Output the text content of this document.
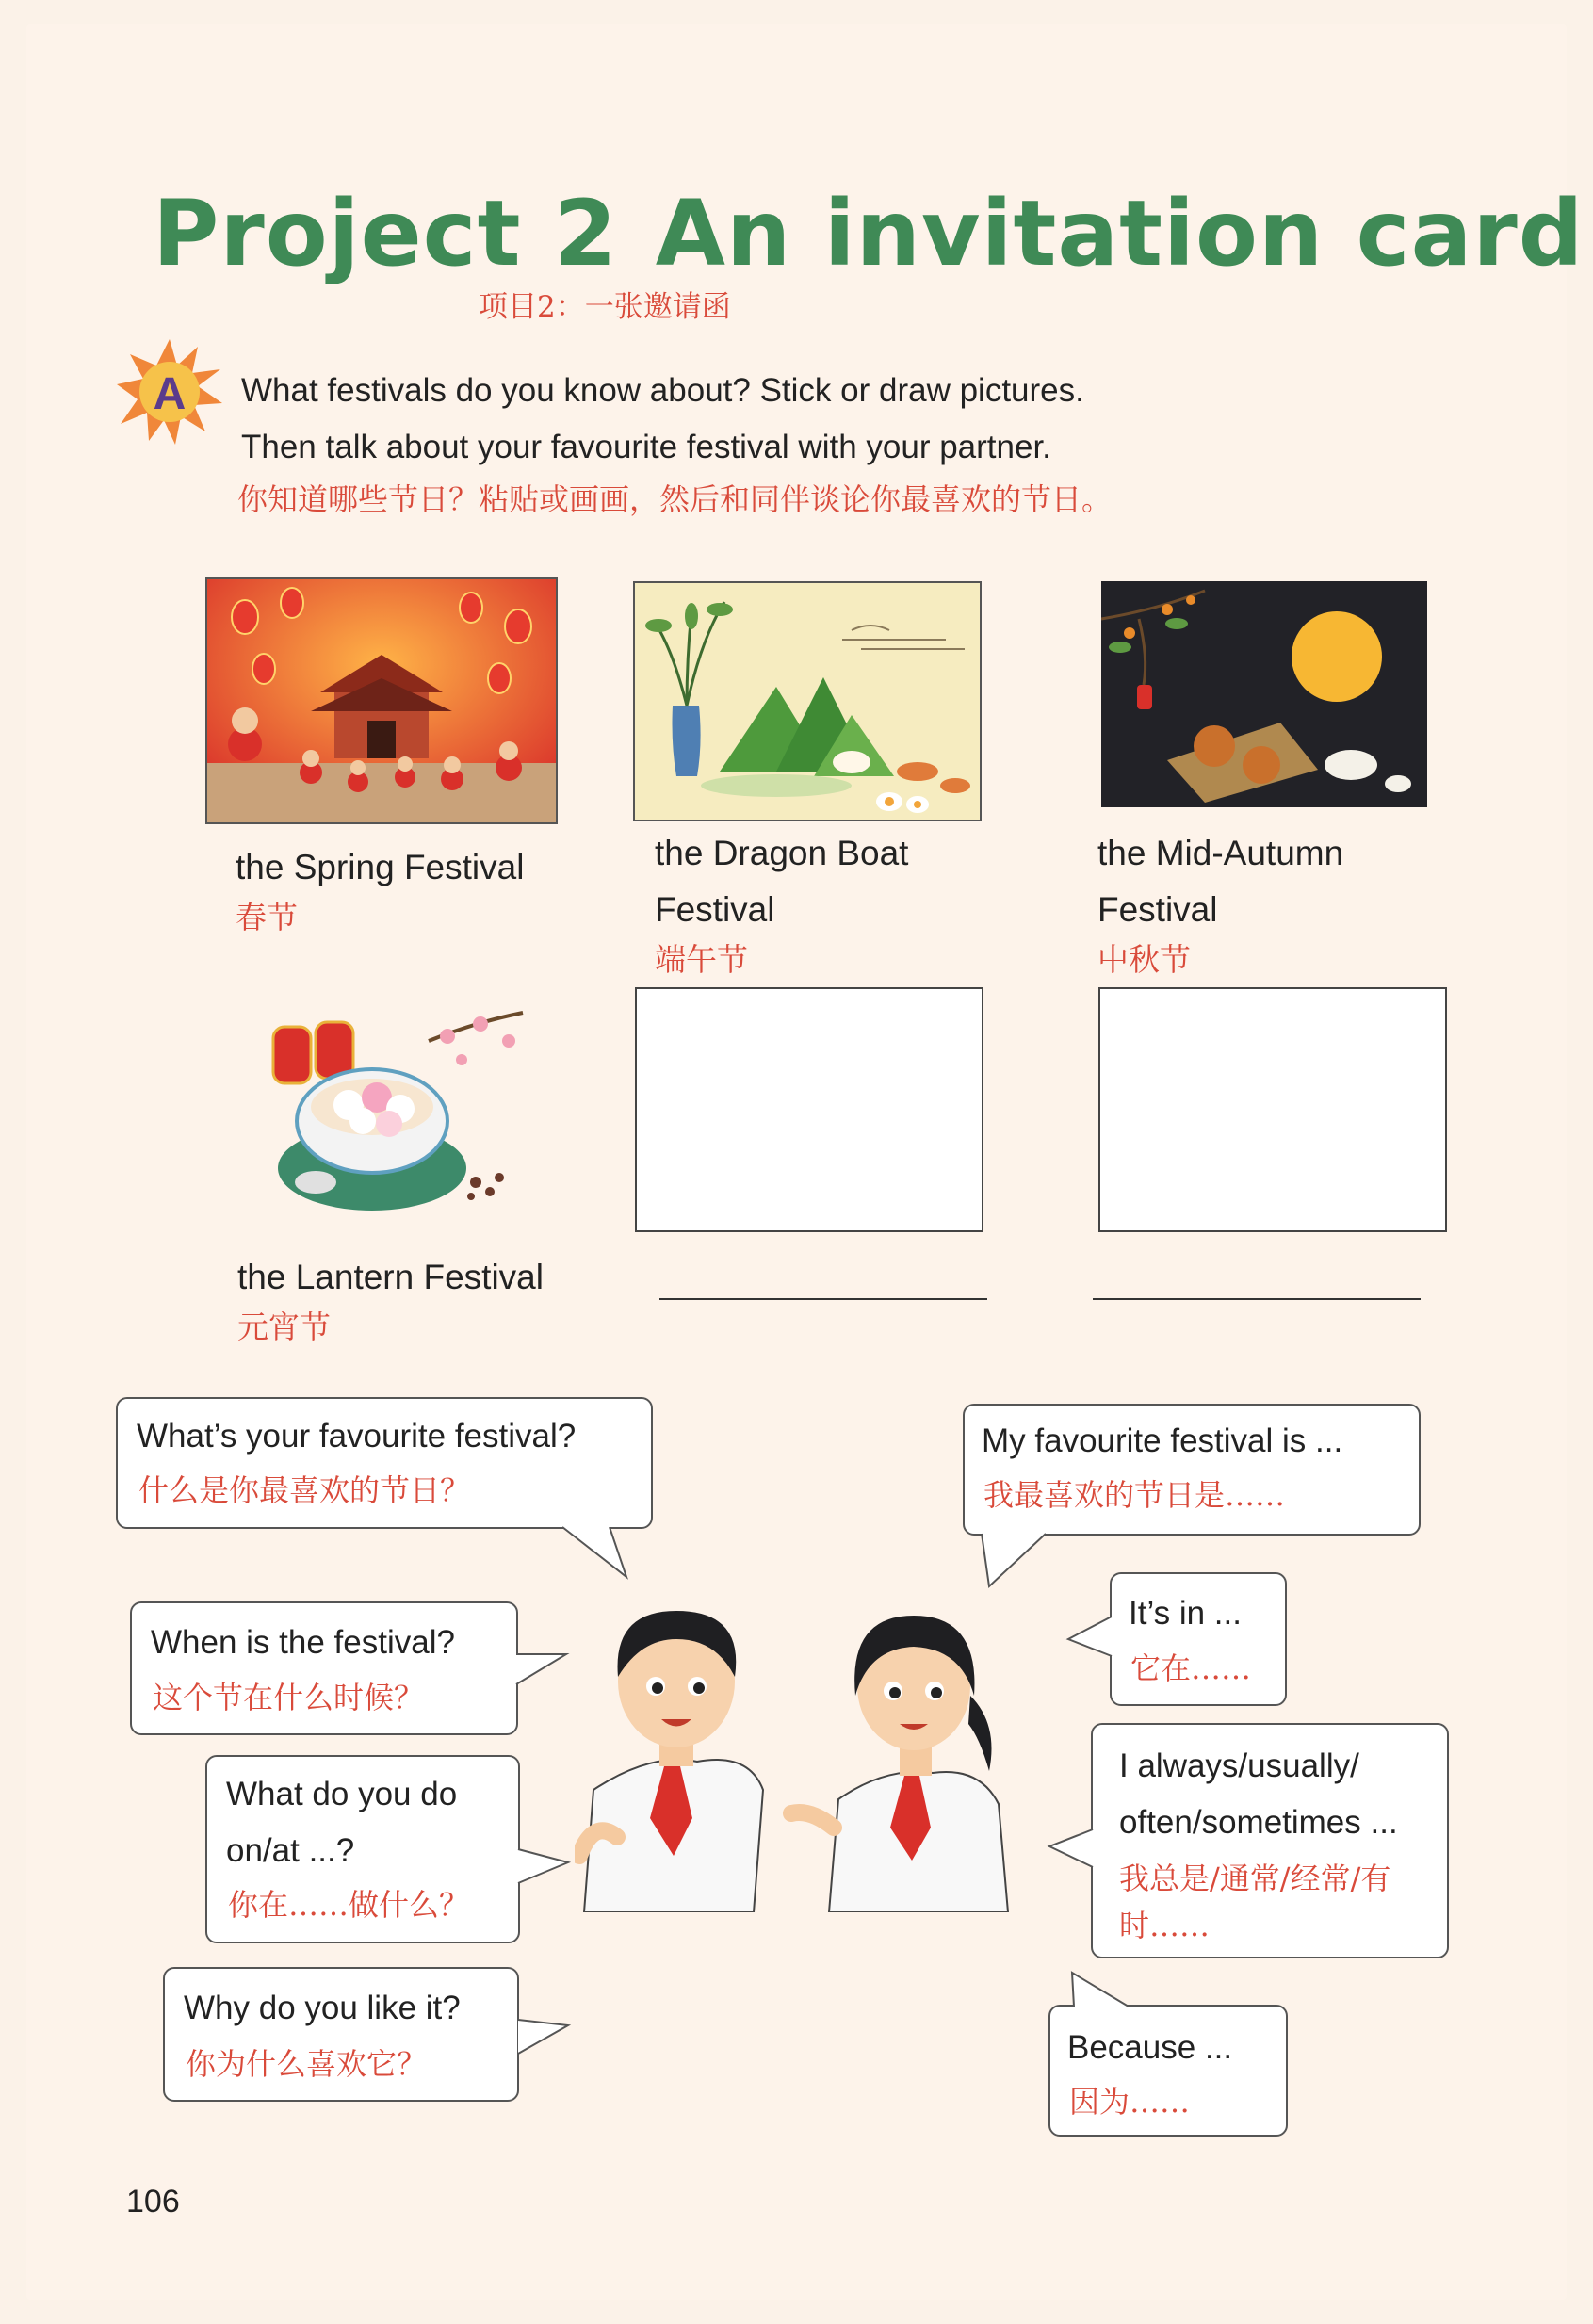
Project 2 An invitation card
项目2：一张邀请函
A What festivals do you know about? Stick or draw pictures.
Then talk about your favourite festival with your partner.
你知道哪些节日？粘贴或画画，然后和同伴谈论你最喜欢的节日。
the Spring Festival
春节
the Dragon Boat
Festival
端午节
the Mid-Autumn
Festival
中秋节
the Lantern Festival
元宵节
What’s your favourite festival?
什么是你最喜欢的节日？
When is the festival?
这个节在什么时候？
What do you do
on/at ...?
你在……做什么？
Why do you like it?
你为什么喜欢它？
My favourite festival is ...
我最喜欢的节日是……
It’s in ...
它在……
I always/usually/
often/sometimes ...
我总是/通常/经常/有
时……
Because ...
因为……
106
